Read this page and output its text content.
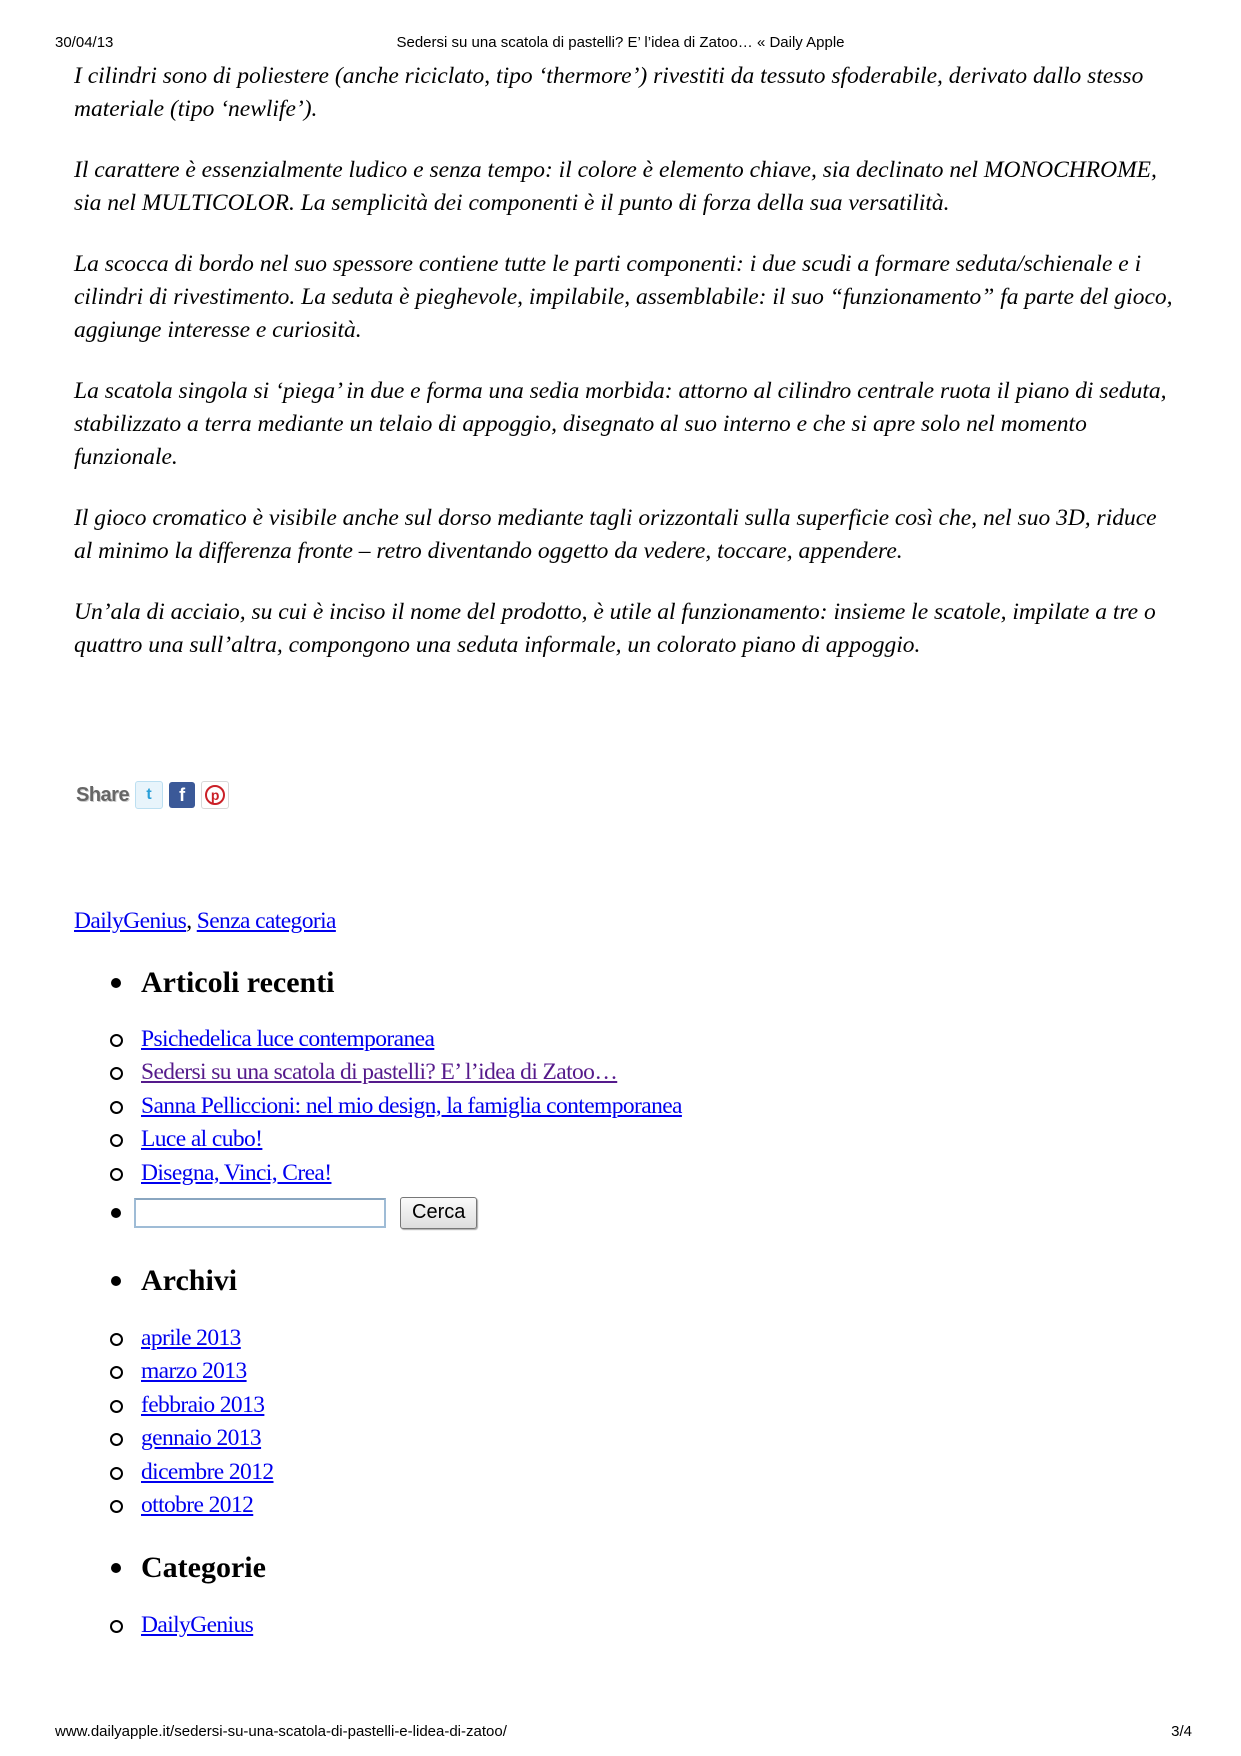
30/04/13	Sedersi su una scatola di pastelli? E’ l’idea di Zatoo… « Daily Apple

I cilindri sono di poliestere (anche riciclato, tipo ‘thermore’) rivestiti da tessuto sfoderabile, derivato dallo stesso materiale (tipo ‘newlife’).

Il carattere è essenzialmente ludico e senza tempo: il colore è elemento chiave, sia declinato nel MONOCHROME, sia nel MULTICOLOR. La semplicità dei componenti è il punto di forza della sua versatilità.

La scocca di bordo nel suo spessore contiene tutte le parti componenti: i due scudi a formare seduta/schienale e i cilindri di rivestimento. La seduta è pieghevole, impilabile, assemblabile: il suo “funzionamento” fa parte del gioco, aggiunge interesse e curiosità.

La scatola singola si ‘piega’ in due e forma una sedia morbida: attorno al cilindro centrale ruota il piano di seduta, stabilizzato a terra mediante un telaio di appoggio, disegnato al suo interno e che si apre solo nel momento funzionale.

Il gioco cromatico è visibile anche sul dorso mediante tagli orizzontali sulla superficie così che, nel suo 3D, riduce al minimo la differenza fronte – retro diventando oggetto da vedere, toccare, appendere.

Un’ala di acciaio, su cui è inciso il nome del prodotto, è utile al funzionamento: insieme le scatole, impilate a tre o quattro una sull’altra, compongono una seduta informale, un colorato piano di appoggio.

Share	t	f	p
DailyGenius, Senza categoria
Articoli recenti
Psichedelica luce contemporanea
Sedersi su una scatola di pastelli? E’ l’idea di Zatoo…
Sanna Pelliccioni: nel mio design, la famiglia contemporanea
Luce al cubo!
Disegna, Vinci, Crea!
Cerca
Archivi
aprile 2013
marzo 2013
febbraio 2013
gennaio 2013
dicembre 2012
ottobre 2012
Categorie
DailyGenius
www.dailyapple.it/sedersi-su-una-scatola-di-pastelli-e-lidea-di-zatoo/	3/4
